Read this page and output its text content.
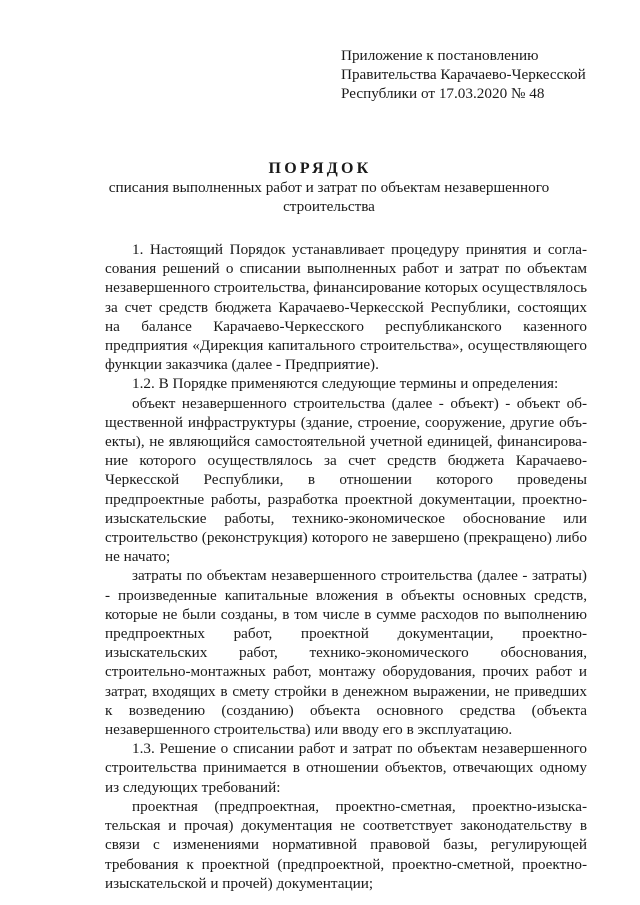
Приложение к постановлению
Правительства Карачаево-Черкесской
Республики от 17.03.2020 № 48
ПОРЯДОК
списания выполненных работ и затрат по объектам незавершенного строительства

1. Настоящий Порядок устанавливает процедуру принятия и согласования решений о списании выполненных работ и затрат по объектам незавершенного строительства, финансирование которых осуществлялось за счет средств бюджета Карачаево-Черкесской Республики, состоящих на балансе Карачаево-Черкесского республиканского казенного предприятия «Дирекция капитального строительства», осуществляющего функции заказчика (далее - Предприятие).

1.2. В Порядке применяются следующие термины и определения:

объект незавершенного строительства (далее - объект) - объект общественной инфраструктуры (здание, строение, сооружение, другие объекты), не являющийся самостоятельной учетной единицей, финансирование которого осуществлялось за счет средств бюджета Карачаево-Черкесской Республики, в отношении которого проведены предпроектные работы, разработка проектной документации, проектно-изыскательские работы, технико-экономическое обоснование или строительство (реконструкция) которого не завершено (прекращено) либо не начато;

затраты по объектам незавершенного строительства (далее - затраты) - произведенные капитальные вложения в объекты основных средств, которые не были созданы, в том числе в сумме расходов по выполнению предпроектных работ, проектной документации, проектно-изыскательских работ, технико-экономического обоснования, строительно-монтажных работ, монтажу оборудования, прочих работ и затрат, входящих в смету стройки в денежном выражении, не приведших к возведению (созданию) объекта основного средства (объекта незавершенного строительства) или вводу его в эксплуатацию.

1.3. Решение о списании работ и затрат по объектам незавершенного строительства принимается в отношении объектов, отвечающих одному из следующих требований:

проектная (предпроектная, проектно-сметная, проектно-изыскательская и прочая) документация не соответствует законодательству в связи с изменениями нормативной правовой базы, регулирующей требования к проектной (предпроектной, проектно-сметной, проектно-изыскательской и прочей) документации;
